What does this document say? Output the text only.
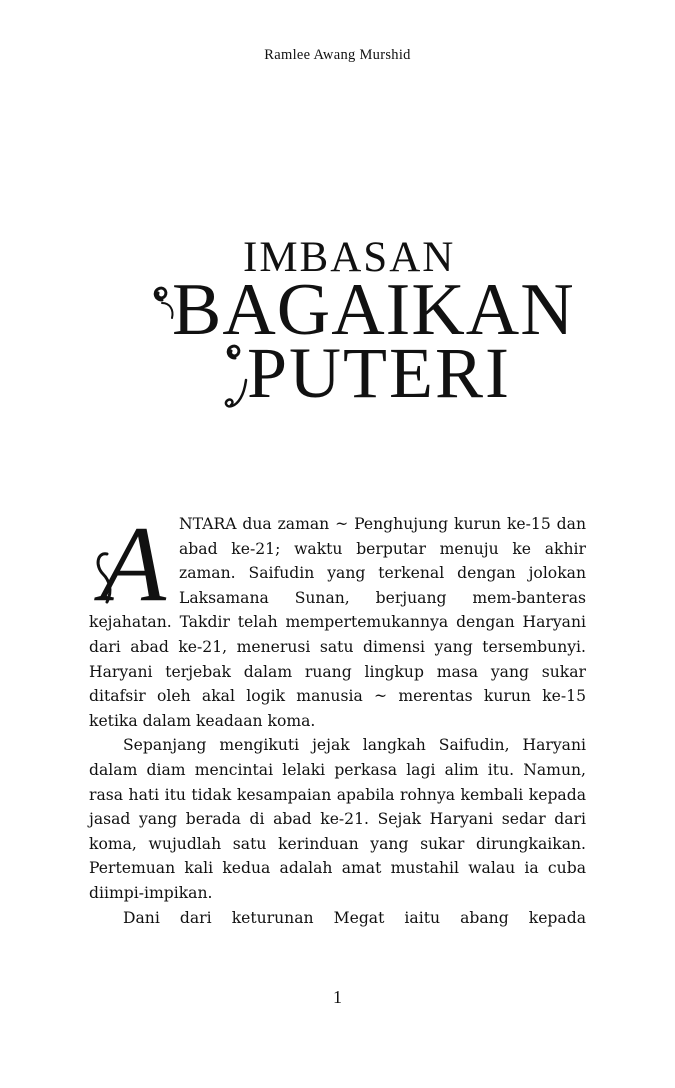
Ramlee Awang Murshid
IMBASAN
BAGAIKAN
PUTERI
A NTARA dua zaman ~ Penghujung kurun ke-15 dan abad ke-21; waktu berputar menuju ke akhir zaman. Saifudin yang terkenal dengan jolokan Laksamana Sunan, berjuang mem-banteras kejahatan. Takdir telah mempertemukannya dengan Haryani dari abad ke-21, menerusi satu dimensi yang tersembunyi. Haryani terjebak dalam ruang lingkup masa yang sukar ditafsir oleh akal logik manusia ~ merentas kurun ke-15 ketika dalam keadaan koma.

Sepanjang mengikuti jejak langkah Saifudin, Haryani dalam diam mencintai lelaki perkasa lagi alim itu. Namun, rasa hati itu tidak kesampaian apabila rohnya kembali kepada jasad yang berada di abad ke-21. Sejak Haryani sedar dari koma, wujudlah satu kerinduan yang sukar dirungkaikan. Pertemuan kali kedua adalah amat mustahil walau ia cuba diimpi-impikan.

Dani dari keturunan Megat iaitu abang kepada

1
